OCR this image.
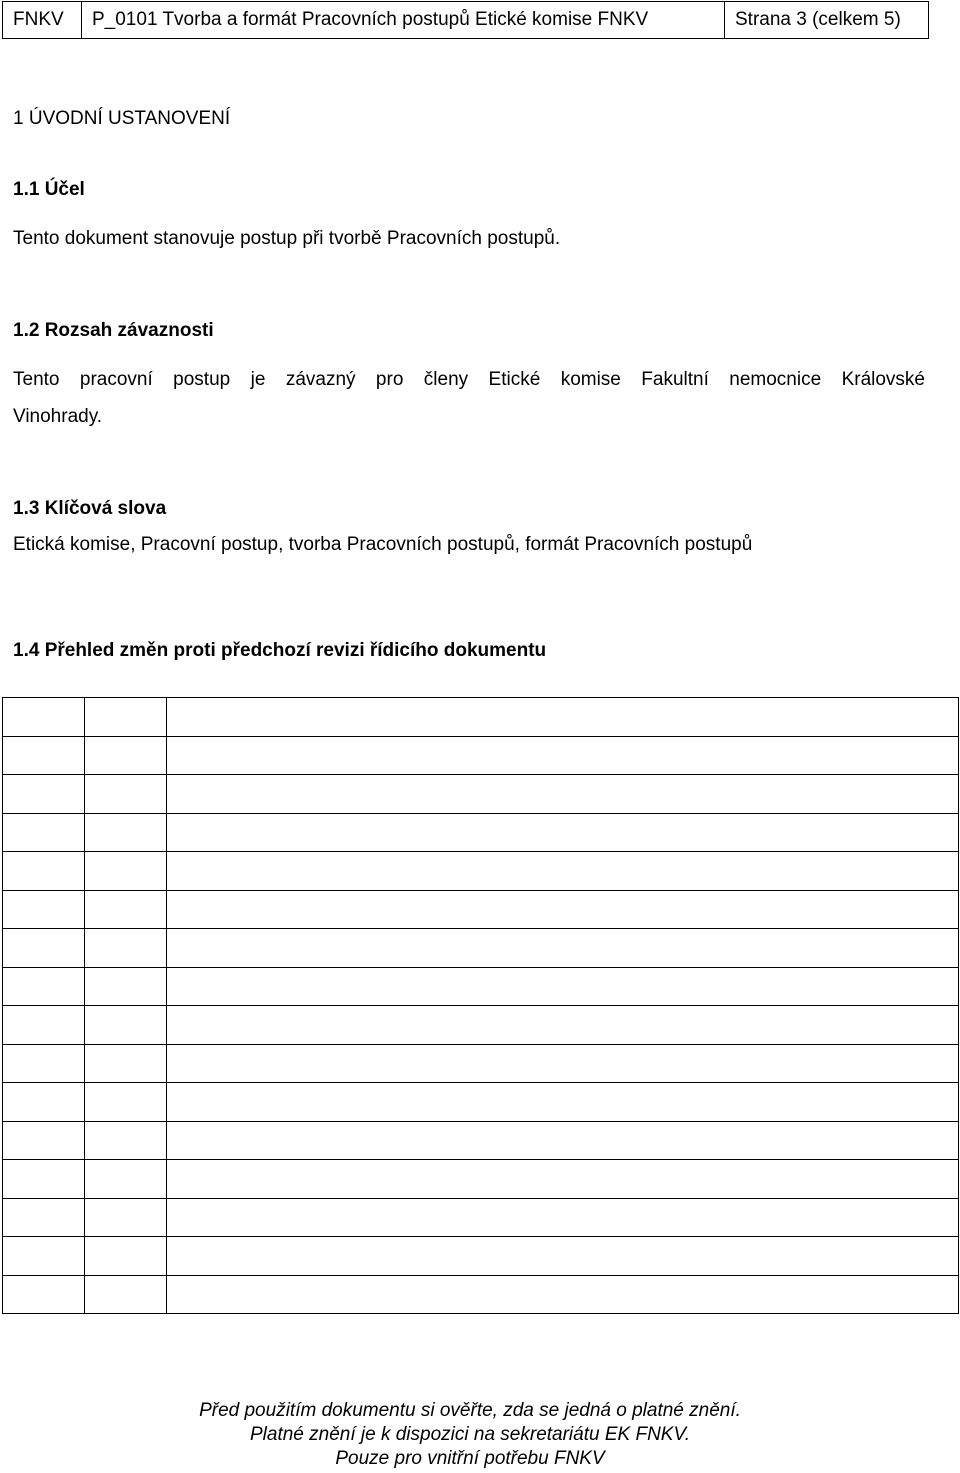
FNKV	P_0101 Tvorba a formát Pracovních postupů Etické komise FNKV	Strana 3 (celkem 5)
1 ÚVODNÍ USTANOVENÍ
1.1 Účel
Tento dokument stanovuje postup při tvorbě Pracovních postupů.
1.2 Rozsah závaznosti
Tento pracovní postup je závazný pro členy Etické komise Fakultní nemocnice Královské
Vinohrady.
1.3 Klíčová slova
Etická komise, Pracovní postup, tvorba Pracovních postupů, formát Pracovních postupů
1.4 Přehled změn proti předchozí revizi řídicího dokumentu

Před použitím dokumentu si ověřte, zda se jedná o platné znění.
Platné znění je k dispozici na sekretariátu EK FNKV.
Pouze pro vnitřní potřebu FNKV
